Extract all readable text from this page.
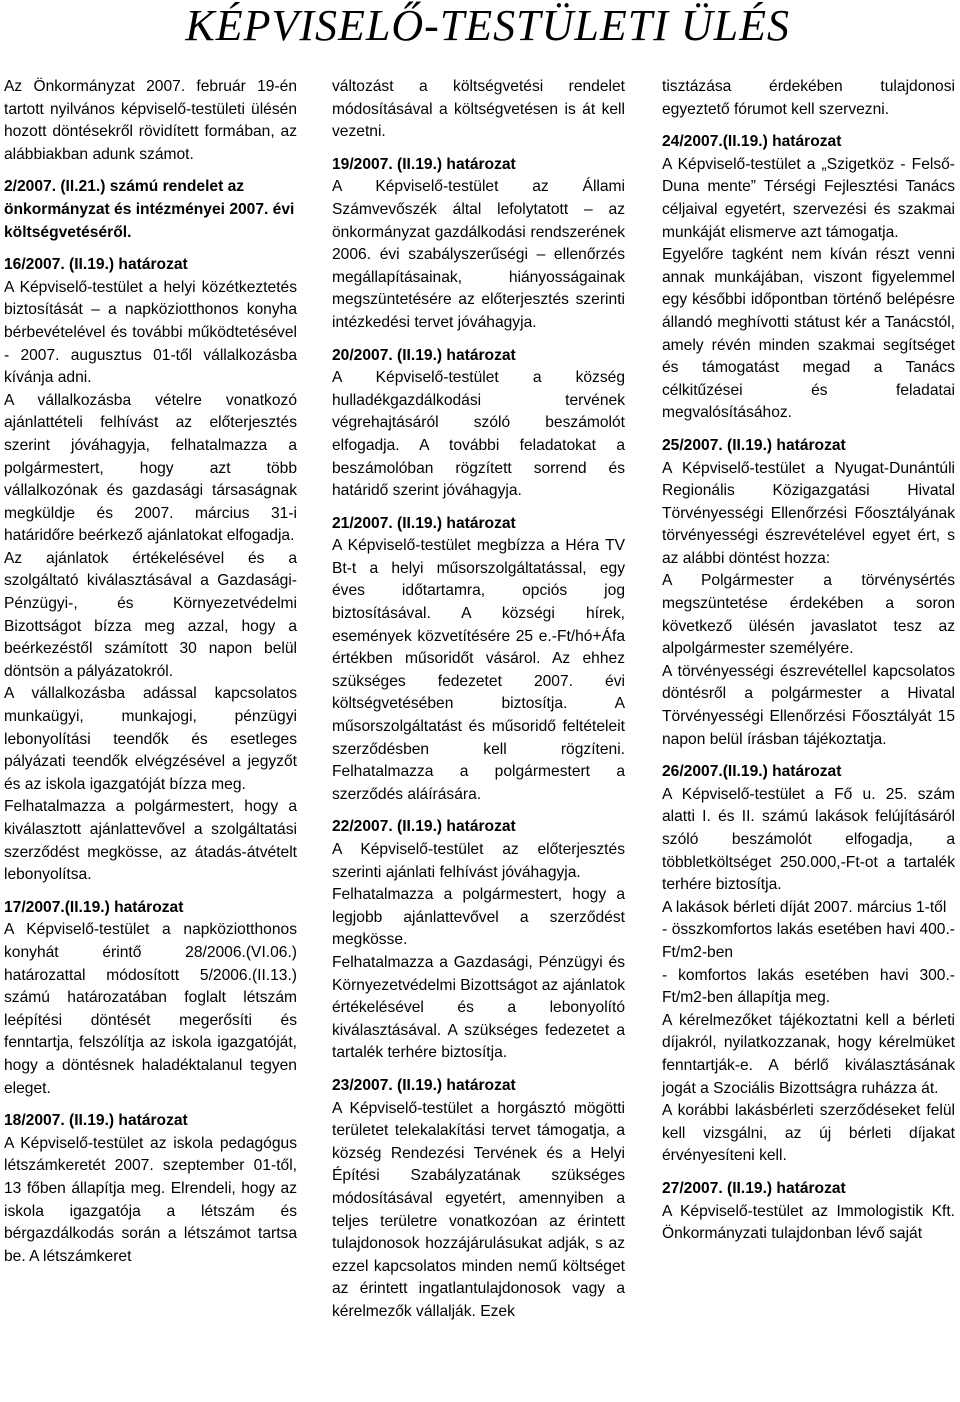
KÉPVISELŐ-TESTÜLETI ÜLÉS

Az Önkormányzat 2007. február 19-én tartott nyilvános képviselő-testületi ülésén hozott döntésekről rövidített formában, az alábbiakban adunk számot.

2/2007. (II.21.) számú rendelet az önkormányzat és intézményei 2007. évi költségvetéséről.

16/2007. (II.19.) határozat

A Képviselő-testület a helyi közétkeztetés biztosítását – a napköziotthonos konyha bérbevételével és további működtetésével - 2007. augusztus 01-től vállalkozásba kívánja adni.

A vállalkozásba vételre vonatkozó ajánlattételi felhívást az előterjesztés szerint jóváhagyja, felhatalmazza a polgármestert, hogy azt több vállalkozónak és gazdasági társaságnak megküldje és 2007. március 31-i határidőre beérkező ajánlatokat elfogadja.

Az ajánlatok értékelésével és a szolgáltató kiválasztásával a Gazdasági-Pénzügyi-, és Környezetvédelmi Bizottságot bízza meg azzal, hogy a beérkezéstől számított 30 napon belül döntsön a pályázatokról.

A vállalkozásba adással kapcsolatos munkaügyi, munkajogi, pénzügyi lebonyolítási teendők és esetleges pályázati teendők elvégzésével a jegyzőt és az iskola igazgatóját bízza meg.

Felhatalmazza a polgármestert, hogy a kiválasztott ajánlattevővel a szolgáltatási szerződést megkösse, az átadás-átvételt lebonyolítsa.

17/2007.(II.19.) határozat

A Képviselő-testület a napköziotthonos konyhát érintő 28/2006.(VI.06.) határozattal módosított 5/2006.(II.13.) számú határozatában foglalt létszám leépítési döntését megerősíti és fenntartja, felszólítja az iskola igazgatóját, hogy a döntésnek haladéktalanul tegyen eleget.

18/2007. (II.19.) határozat

A Képviselő-testület az iskola pedagógus létszámkeretét 2007. szeptember 01-től, 13 főben állapítja meg. Elrendeli, hogy az iskola igazgatója a létszám és bérgazdálkodás során a létszámot tartsa be. A létszámkeret

változást a költségvetési rendelet módosításával a költségvetésen is át kell vezetni.

19/2007. (II.19.) határozat

A Képviselő-testület az Állami Számvevőszék által lefolytatott – az önkormányzat gazdálkodási rendszerének 2006. évi szabályszerűségi – ellenőrzés megállapításainak, hiányosságainak megszüntetésére az előterjesztés szerinti intézkedési tervet jóváhagyja.

20/2007. (II.19.) határozat

A Képviselő-testület a község hulladékgazdálkodási tervének végrehajtásáról szóló beszámolót elfogadja. A további feladatokat a beszámolóban rögzített sorrend és határidő szerint jóváhagyja.

21/2007. (II.19.) határozat

A Képviselő-testület megbízza a Héra TV Bt-t a helyi műsorszolgáltatással, egy éves időtartamra, opciós jog biztosításával. A községi hírek, események közvetítésére 25 e.-Ft/hó+Áfa értékben műsoridőt vásárol. Az ehhez szükséges fedezetet 2007. évi költségvetésében biztosítja. A műsorszolgáltatást és műsoridő feltételeit szerződésben kell rögzíteni. Felhatalmazza a polgármestert a szerződés aláírására.

22/2007. (II.19.) határozat

A Képviselő-testület az előterjesztés szerinti ajánlati felhívást jóváhagyja.

Felhatalmazza a polgármestert, hogy a legjobb ajánlattevővel a szerződést megkösse.

Felhatalmazza a Gazdasági, Pénzügyi és Környezetvédelmi Bizottságot az ajánlatok értékelésével és a lebonyolító kiválasztásával. A szükséges fedezetet a tartalék terhére biztosítja.

23/2007. (II.19.) határozat

A Képviselő-testület a horgásztó mögötti területet telekalakítási tervet támogatja, a község Rendezési Tervének és a Helyi Építési Szabályzatának szükséges módosításával egyetért, amennyiben a teljes területre vonatkozóan az érintett tulajdonosok hozzájárulásukat adják, s az ezzel kapcsolatos minden nemű költséget az érintett ingatlantulajdonosok vagy a kérelmezők vállalják. Ezek

tisztázása érdekében tulajdonosi egyeztető fórumot kell szervezni.

24/2007.(II.19.) határozat

A Képviselő-testület a „Szigetköz - Felső-Duna mente” Térségi Fejlesztési Tanács céljaival egyetért, szervezési és szakmai munkáját elismerve azt támogatja.

Egyelőre tagként nem kíván részt venni annak munkájában, viszont figyelemmel egy későbbi időpontban történő belépésre állandó meghívotti státust kér a Tanácstól, amely révén minden szakmai segítséget és támogatást megad a Tanács célkitűzései és feladatai megvalósításához.

25/2007. (II.19.) határozat

A Képviselő-testület a Nyugat-Dunántúli Regionális Közigazgatási Hivatal Törvényességi Ellenőrzési Főosztályának törvényességi észrevételével egyet ért, s az alábbi döntést hozza:

A Polgármester a törvénysértés megszüntetése érdekében a soron következő ülésén javaslatot tesz az alpolgármester személyére.

A törvényességi észrevétellel kapcsolatos döntésről a polgármester a Hivatal Törvényességi Ellenőrzési Főosztályát 15 napon belül írásban tájékoztatja.

26/2007.(II.19.) határozat

A Képviselő-testület a Fő u. 25. szám alatti I. és II. számú lakások felújításáról szóló beszámolót elfogadja, a többletköltséget 250.000,-Ft-ot a tartalék terhére biztosítja.

A lakások bérleti díját 2007. március 1-től

- összkomfortos lakás esetében havi 400.-Ft/m2-ben

- komfortos lakás esetében havi 300.-Ft/m2-ben állapítja meg.

A kérelmezőket tájékoztatni kell a bérleti díjakról, nyilatkozzanak, hogy kérelmüket fenntartják-e. A bérlő kiválasztásának jogát a Szociális Bizottságra ruházza át.

A korábbi lakásbérleti szerződéseket felül kell vizsgálni, az új bérleti díjakat érvényesíteni kell.

27/2007. (II.19.) határozat

A Képviselő-testület az Immologistik Kft. Önkormányzati tulajdonban lévő saját
